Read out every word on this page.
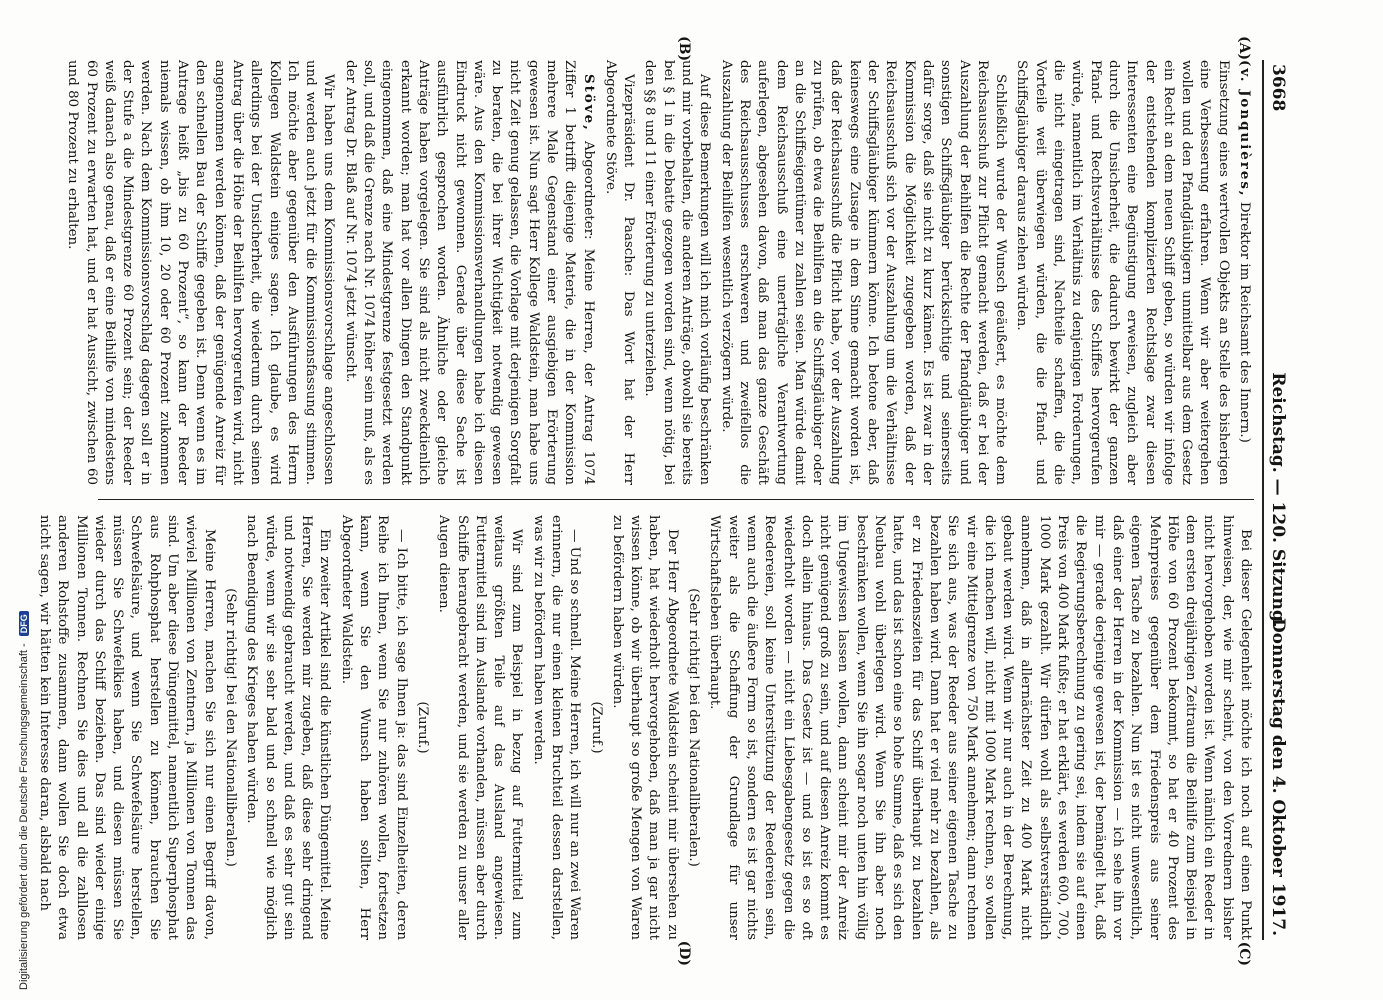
3668
Reichstag. — 120. Sitzung.
Donnerstag den 4. Oktober 1917.
(A)
(B)
(C)
(D)

(v. Jonquières, Direktor im Reichsamt des Innern.)

Einsetzung eines wertvollen Objekts an Stelle des bisherigen eine Verbesserung erfahren. Wenn wir aber weitergehen wollen und den Pfandgläubigern unmittelbar aus dem Gesetz ein Recht an dem neuen Schiff geben, so würden wir infolge der entstehenden komplizierten Rechtslage zwar diesen Interessenten eine Begünstigung erweisen, zugleich aber durch die Unsicherheit, die dadurch bewirkt der ganzen Pfand- und Rechtsverhältnisse des Schiffes hervorgerufen würde, namentlich im Verhältnis zu denjenigen Forderungen, die nicht eingetragen sind, Nachteile schaffen, die die Vorteile weit überwiegen würden, die die Pfand- und Schiffsgläubiger daraus ziehen würden.

Schließlich wurde der Wunsch geäußert, es möchte dem Reichsausschuß zur Pflicht gemacht werden, daß er bei der Auszahlung der Beihilfen die Rechte der Pfandgläubiger und sonstigen Schiffsgläubiger berücksichtige und seinerseits dafür sorge, daß sie nicht zu kurz kämen. Es ist zwar in der Kommission die Möglichkeit zugegeben worden, daß der Reichsausschuß sich vor der Auszahlung um die Verhältnisse der Schiffsgläubiger kümmern könne. Ich betone aber, daß keineswegs eine Zusage in dem Sinne gemacht worden ist, daß der Reichsausschuß die Pflicht habe, vor der Auszahlung zu prüfen, ob etwa die Beihilfen an die Schiffsgläubiger oder an die Schiffseigentümer zu zahlen seien. Man würde damit dem Reichsausschuß eine unerträgliche Verantwortung auferlegen, abgesehen davon, daß man das ganze Geschäft des Reichsausschusses erschweren und zweifellos die Auszahlung der Beihilfen wesentlich verzögern würde.

Auf diese Bemerkungen will ich mich vorläufig beschränken und mir vorbehalten, die anderen Anträge, obwohl sie bereits bei § 1 in die Debatte gezogen worden sind, wenn nötig, bei den §§ 8 und 11 einer Erörterung zu unterziehen.

Vizepräsident Dr. Paasche: Das Wort hat der Herr Abgeordnete Stöve.

Stöve, Abgeordneter: Meine Herren, der Antrag 1074 Ziffer 1 betrifft diejenige Materie, die in der Kommission mehrere Male Gegenstand einer ausgiebigen Erörterung gewesen ist. Nun sagt Herr Kollege Waldstein, man habe uns nicht Zeit genug gelassen, die Vorlage mit derjenigen Sorgfalt zu beraten, die bei ihrer Wichtigkeit notwendig gewesen wäre. Aus den Kommissionsverhandlungen habe ich diesen Eindruck nicht gewonnen. Gerade über diese Sache ist ausführlich gesprochen worden. Ähnliche oder gleiche Anträge haben vorgelegen. Sie sind als nicht zweckdienlich erkannt worden; man hat vor allen Dingen den Standpunkt eingenommen, daß eine Mindestgrenze festgesetzt werden soll, und daß die Grenze nach Nr. 1074 höher sein muß, als es der Antrag Dr. Blaß auf Nr. 1074 jetzt wünscht.

Wir haben uns dem Kommissionsvorschlage angeschlossen und werden auch jetzt für die Kommissionsfassung stimmen. Ich möchte aber gegenüber den Ausführungen des Herrn Kollegen Waldstein einiges sagen. Ich glaube, es wird allerdings bei der Unsicherheit, die wiederum durch seinen Antrag über die Höhe der Beihilfen hervorgerufen wird, nicht angenommen werden können, daß der genügende Anreiz für den schnellen Bau der Schiffe gegeben ist. Denn wenn es im Antrage heißt „bis zu 60 Prozent“, so kann der Reeder niemals wissen, ob ihm 10, 20 oder 60 Prozent zukommen werden. Nach dem Kommissionsvorschlag dagegen soll er in der Stufe a die Mindestgrenze 60 Prozent sein; der Reeder weiß danach also genau, daß er eine Beihilfe von mindestens 60 Prozent zu erwarten hat, und er hat Aussicht, zwischen 60 und 80 Prozent zu erhalten.

Bei dieser Gelegenheit möchte ich noch auf einen Punkt hinweisen, der, wie mir scheint, von den Vorrednern bisher nicht hervorgehoben worden ist. Wenn nämlich ein Reeder in dem ersten dreijährigen Zeitraum die Beihilfe zum Beispiel in Höhe von 60 Prozent bekommt, so hat er 40 Prozent des Mehrpreises gegenüber dem Friedenspreis aus seiner eigenen Tasche zu bezahlen. Nun ist es nicht unwesentlich, daß einer der Herren in der Kommission — ich sehe ihn vor mir — gerade derjenige gewesen ist, der bemängelt hat, daß die Regierungsberechnung zu gering sei, indem sie auf einen Preis von 400 Mark fußte; er hat erklärt, es werden 600, 700, 1000 Mark gezahlt. Wir dürfen wohl als selbstverständlich annehmen, daß in allernächster Zeit zu 400 Mark nicht gebaut werden wird. Wenn wir nur auch in der Berechnung, die ich machen will, nicht mit 1000 Mark rechnen, so wollen wir eine Mittelgrenze von 750 Mark annehmen; dann rechnen Sie sich aus, was der Reeder aus seiner eigenen Tasche zu bezahlen haben wird. Dann hat er viel mehr zu bezahlen, als er zu Friedenszeiten für das Schiff überhaupt zu bezahlen hatte, und das ist schon eine so hohe Summe, daß es sich den Neubau wohl überlegen wird. Wenn Sie ihn aber noch beschränken wollen, wenn Sie ihn sogar noch unten hin völlig im Ungewissen lassen wollen, dann scheint mir der Anreiz nicht genügend groß zu sein, und auf diesen Anreiz kommt es doch allein hinaus. Das Gesetz ist — und so ist es so oft wiederholt worden — nicht ein Liebesgabengesetz gegen die Reedereien, soll keine Unterstützung der Reedereien sein, wenn auch die äußere Form so ist, sondern es ist gar nichts weiter als die Schaffung der Grundlage für unser Wirtschaftsleben überhaupt.

(Sehr richtig! bei den Nationalliberalen.)

Der Herr Abgeordnete Waldstein scheint mir übersehen zu haben, hat wiederholt hervorgehoben, daß man ja gar nicht wissen könne, ob wir überhaupt so große Mengen von Waren zu befördern haben würden.

(Zuruf.)

— Und so schnell. Meine Herren, ich will nur an zwei Waren erinnern, die nur einen kleinen Bruchteil dessen darstellen, was wir zu befördern haben werden.

Wir sind zum Beispiel in bezug auf Futtermittel zum weitaus größten Teile auf das Ausland angewiesen. Futtermittel sind im Auslande vorhanden, müssen aber durch Schiffe herangebracht werden, und sie werden zu unser aller Augen dienen.

(Zuruf.)

— Ich bitte, ich sage Ihnen ja: das sind Einzelheiten, deren Reihe ich Ihnen, wenn Sie nur zuhören wollen, fortsetzen kann, wenn Sie den Wunsch haben sollten, Herr Abgeordneter Waldstein.

Ein zweiter Artikel sind die künstlichen Düngemittel. Meine Herren, Sie werden mir zugeben, daß diese sehr dringend und notwendig gebraucht werden, und daß es sehr gut sein würde, wenn wir sie sehr bald und so schnell wie möglich nach Beendigung des Krieges haben würden.

(Sehr richtig! bei den Nationalliberalen.)

Meine Herren, machen Sie sich nur einen Begriff davon, wieviel Millionen von Zentnern, ja Millionen von Tonnen das sind. Um aber diese Düngemittel, namentlich Superphosphat aus Rohphosphat herstellen zu können, brauchen Sie Schwefelsäure, und wenn Sie Schwefelsäure herstellen, müssen Sie Schwefelkies haben, und diesen müssen Sie wieder durch das Schiff beziehen. Das sind wieder einige Millionen Tonnen. Rechnen Sie dies und all die zahllosen anderen Rohstoffe zusammen, dann wollen Sie doch etwa nicht sagen, wir hätten kein Interesse daran, alsbald nach

Digitalisierung gefördert durch die Deutsche Forschungsgemeinschaft - DFG
